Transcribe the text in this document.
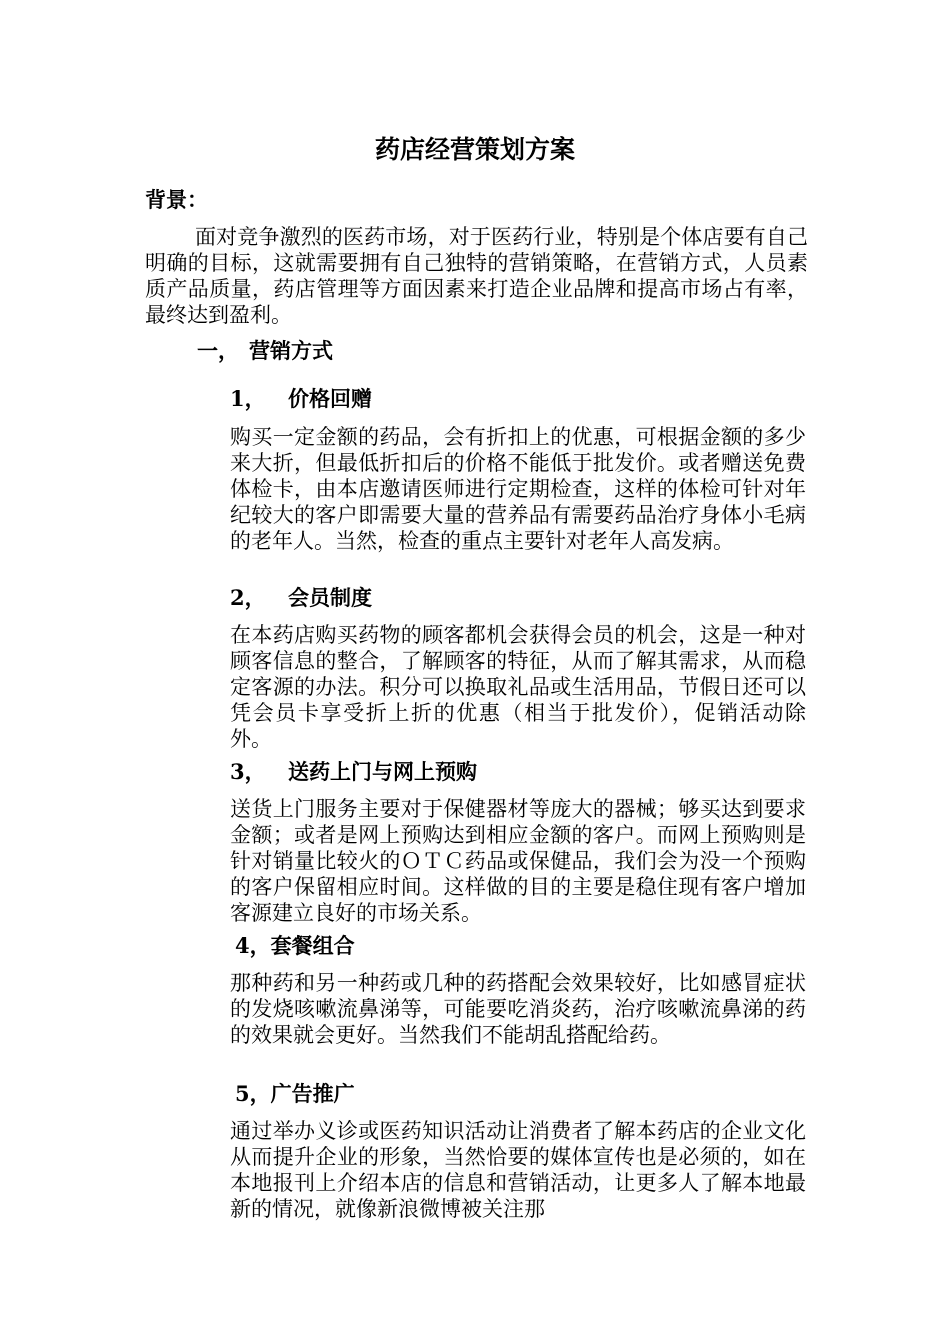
药店经营策划方案
背景：

面对竞争激烈的医药市场，对于医药行业，特别是个体店要有自己明确的目标，这就需要拥有自己独特的营销策略，在营销方式，人员素质产品质量，药店管理等方面因素来打造企业品牌和提高市场占有率，最终达到盈利。

一， 营销方式
1， 价格回赠

购买一定金额的药品，会有折扣上的优惠，可根据金额的多少来大折，但最低折扣后的价格不能低于批发价。或者赠送免费体检卡，由本店邀请医师进行定期检查，这样的体检可针对年纪较大的客户即需要大量的营养品有需要药品治疗身体小毛病的老年人。当然，检查的重点主要针对老年人高发病。

2， 会员制度

在本药店购买药物的顾客都机会获得会员的机会，这是一种对顾客信息的整合，了解顾客的特征，从而了解其需求，从而稳定客源的办法。积分可以换取礼品或生活用品，节假日还可以凭会员卡享受折上折的优惠（相当于批发价），促销活动除外。

3， 送药上门与网上预购

送货上门服务主要对于保健器材等庞大的器械；够买达到要求金额；或者是网上预购达到相应金额的客户。而网上预购则是针对销量比较火的ＯＴＣ药品或保健品，我们会为没一个预购的客户保留相应时间。这样做的目的主要是稳住现有客户增加客源建立良好的市场关系。

4，套餐组合

那种药和另一种药或几种的药搭配会效果较好，比如感冒症状的发烧咳嗽流鼻涕等，可能要吃消炎药，治疗咳嗽流鼻涕的药的效果就会更好。当然我们不能胡乱搭配给药。

5，广告推广

通过举办义诊或医药知识活动让消费者了解本药店的企业文化从而提升企业的形象，当然恰要的媒体宣传也是必须的，如在本地报刊上介绍本店的信息和营销活动，让更多人了解本地最新的情况，就像新浪微博被关注那
